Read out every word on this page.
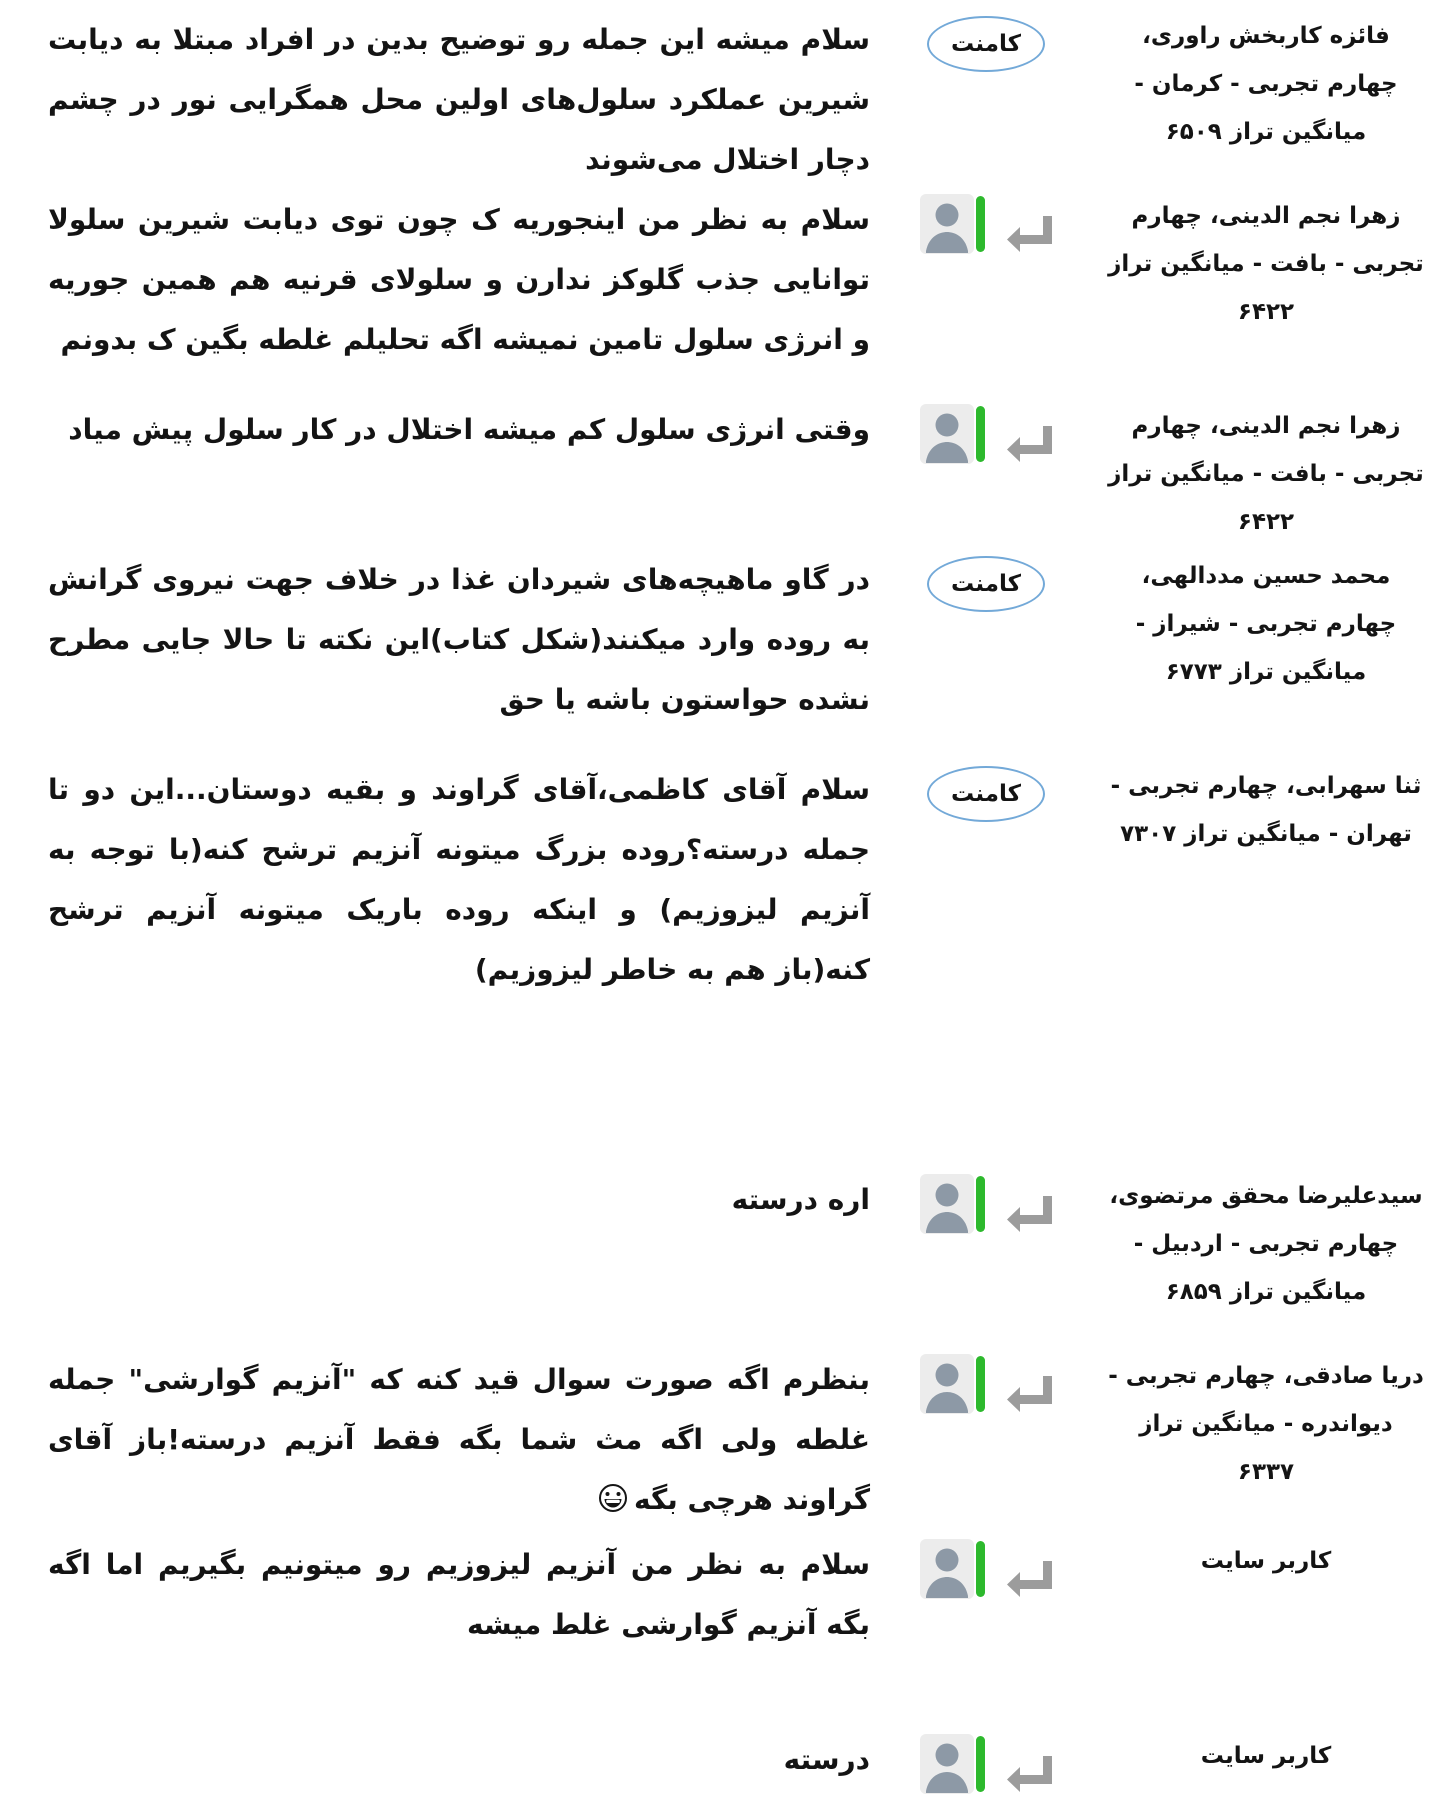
فائزه کاربخش راوری، چهارم تجربی - کرمان - میانگین تراز ۶۵۰۹
کامنت
سلام میشه این جمله رو توضیح بدین در افراد مبتلا به دیابت شیرین عملکرد سلول‌های اولین محل همگرایی نور در چشم دچار اختلال می‌شوند
زهرا نجم الدینی، چهارم تجربی - بافت - میانگین تراز ۶۴۲۲
سلام به نظر من اینجوریه ک چون توی دیابت شیرین سلولا توانایی جذب گلوکز ندارن و سلولای قرنیه هم همین جوریه و انرژی سلول تامین نمیشه اگه تحلیلم غلطه بگین ک بدونم
زهرا نجم الدینی، چهارم تجربی - بافت - میانگین تراز ۶۴۲۲
وقتی انرژی سلول کم میشه اختلال در کار سلول پیش میاد
محمد حسین مددالهی، چهارم تجربی - شیراز - میانگین تراز ۶۷۷۳
کامنت
در گاو ماهیچه‌های شیردان غذا در خلاف جهت نیروی گرانش به روده وارد میکنند(شکل کتاب)این نکته تا حالا جایی مطرح نشده حواستون باشه یا حق
ثنا سهرابی، چهارم تجربی - تهران - میانگین تراز ۷۳۰۷
کامنت
سلام آقای کاظمی،آقای گراوند و بقیه دوستان...این دو تا جمله درسته؟روده بزرگ میتونه آنزیم ترشح کنه(با توجه به آنزیم لیزوزیم) و اینکه روده باریک میتونه آنزیم ترشح کنه(باز هم به خاطر لیزوزیم)
سیدعلیرضا محقق مرتضوی، چهارم تجربی - اردبیل - میانگین تراز ۶۸۵۹
اره درسته
دریا صادقی، چهارم تجربی - دیواندره - میانگین تراز ۶۳۳۷
بنظرم اگه صورت سوال قید کنه که "آنزیم گوارشی" جمله غلطه ولی اگه مث شما بگه فقط آنزیم درسته!باز آقای گراوند هرچی بگه
کاربر سایت
سلام به نظر من آنزیم لیزوزیم رو میتونیم بگیریم اما اگه بگه آنزیم گوارشی غلط میشه
کاربر سایت
درسته
